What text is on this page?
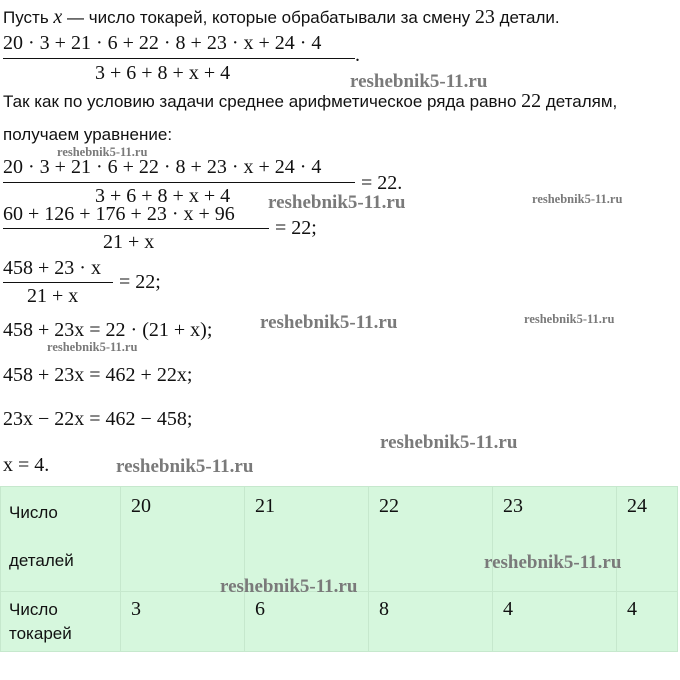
Пусть x — число токарей, которые обрабатывали за смену 23 детали.
20 · 3 + 21 · 6 + 22 · 8 + 23 · x + 24 · 4
3 + 6 + 8 + x + 4
.
Так как по условию задачи среднее арифметическое ряда равно 22 деталям,
получаем уравнение:
20 · 3 + 21 · 6 + 22 · 8 + 23 · x + 24 · 4
3 + 6 + 8 + x + 4
= 22.
60 + 126 + 176 + 23 · x + 96
21 + x
= 22;
458 + 23 · x
21 + x
= 22;
458 + 23x = 22 · (21 + x);
458 + 23x = 462 + 22x;
23x − 22x = 462 − 458;
x = 4.
Число
деталей	20	21	22	23	24

Число
токарей	3	6	8	4	4
reshebnik5-11.ru
reshebnik5-11.ru
reshebnik5-11.ru	reshebnik5-11.ru
reshebnik5-11.ru	reshebnik5-11.ru
reshebnik5-11.ru
reshebnik5-11.ru
reshebnik5-11.ru
reshebnik5-11.ru
reshebnik5-11.ru
